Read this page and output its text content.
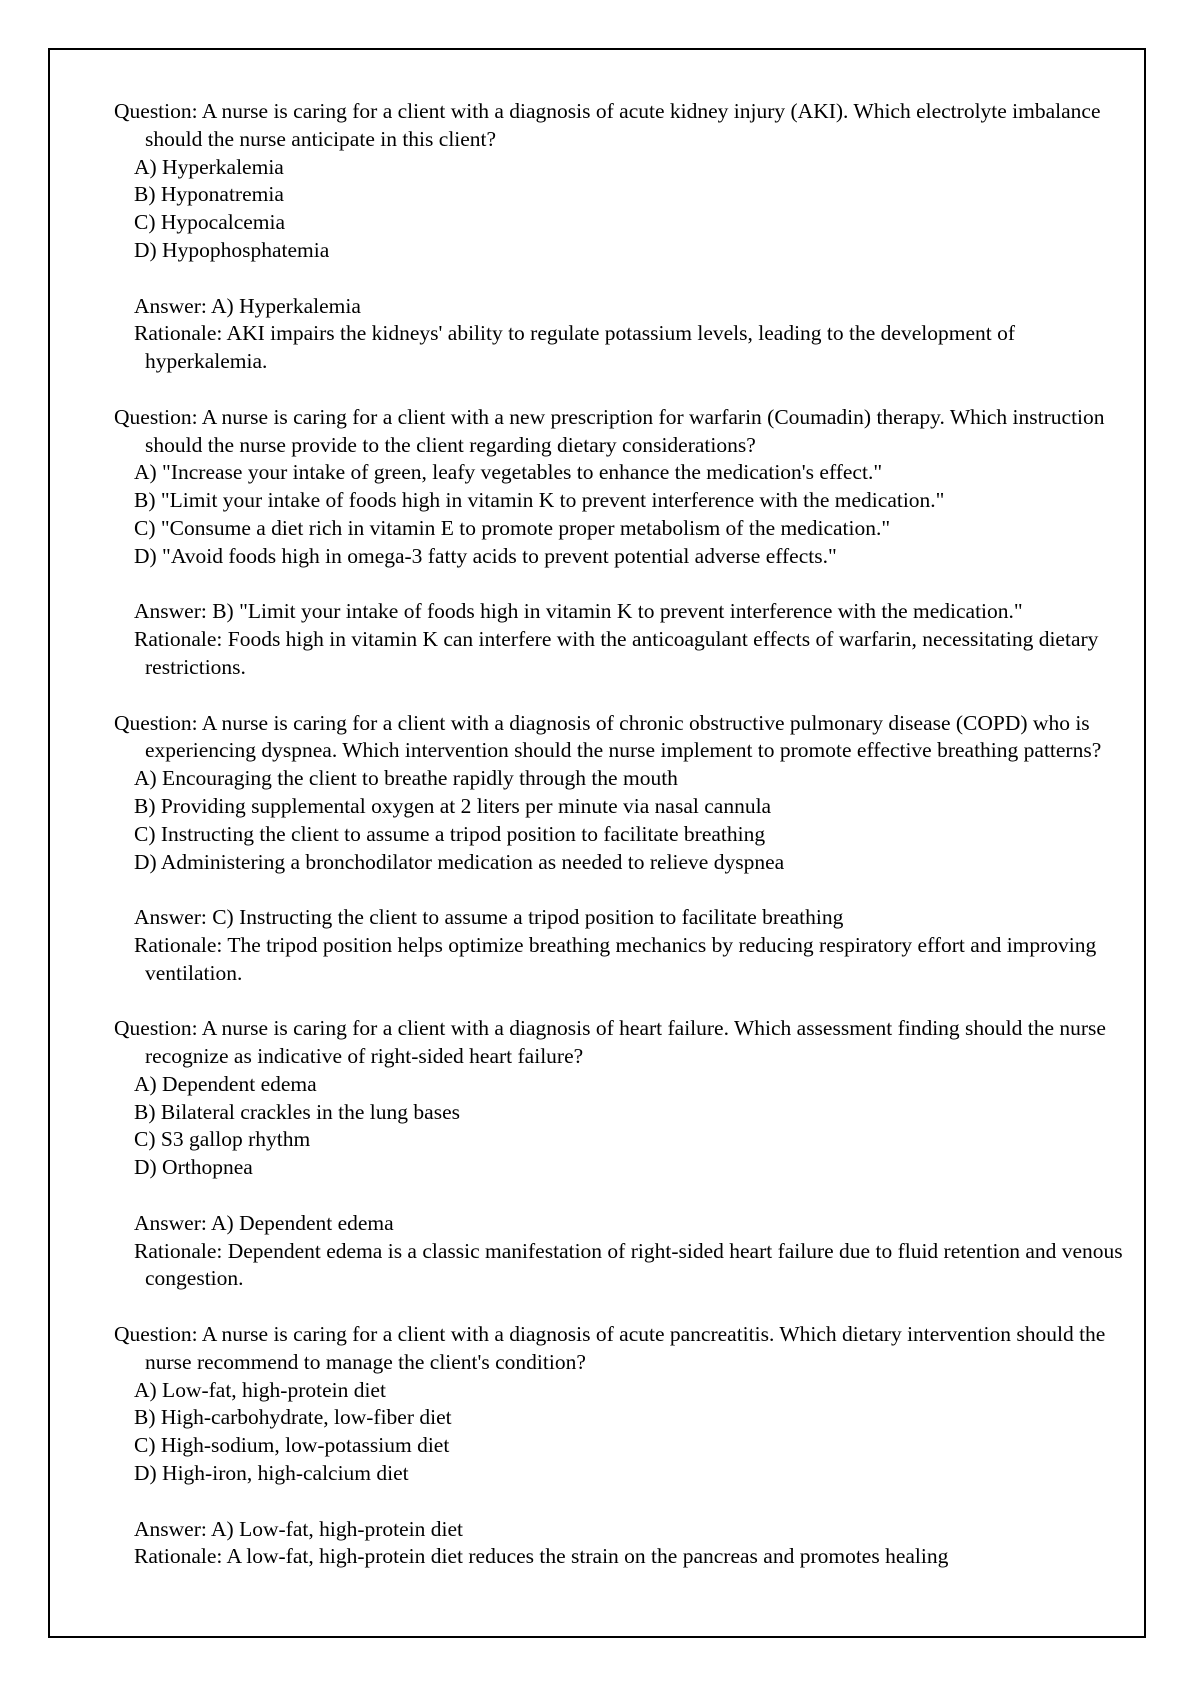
Question: A nurse is caring for a client with a diagnosis of acute kidney injury (AKI). Which electrolyte imbalance should the nurse anticipate in this client?
A) Hyperkalemia
B) Hyponatremia
C) Hypocalcemia
D) Hypophosphatemia
Answer: A) Hyperkalemia
Rationale: AKI impairs the kidneys' ability to regulate potassium levels, leading to the development of hyperkalemia.
Question: A nurse is caring for a client with a new prescription for warfarin (Coumadin) therapy. Which instruction should the nurse provide to the client regarding dietary considerations?
A) "Increase your intake of green, leafy vegetables to enhance the medication's effect."
B) "Limit your intake of foods high in vitamin K to prevent interference with the medication."
C) "Consume a diet rich in vitamin E to promote proper metabolism of the medication."
D) "Avoid foods high in omega-3 fatty acids to prevent potential adverse effects."
Answer: B) "Limit your intake of foods high in vitamin K to prevent interference with the medication."
Rationale: Foods high in vitamin K can interfere with the anticoagulant effects of warfarin, necessitating dietary restrictions.
Question: A nurse is caring for a client with a diagnosis of chronic obstructive pulmonary disease (COPD) who is experiencing dyspnea. Which intervention should the nurse implement to promote effective breathing patterns?
A) Encouraging the client to breathe rapidly through the mouth
B) Providing supplemental oxygen at 2 liters per minute via nasal cannula
C) Instructing the client to assume a tripod position to facilitate breathing
D) Administering a bronchodilator medication as needed to relieve dyspnea
Answer: C) Instructing the client to assume a tripod position to facilitate breathing
Rationale: The tripod position helps optimize breathing mechanics by reducing respiratory effort and improving ventilation.
Question: A nurse is caring for a client with a diagnosis of heart failure. Which assessment finding should the nurse recognize as indicative of right-sided heart failure?
A) Dependent edema
B) Bilateral crackles in the lung bases
C) S3 gallop rhythm
D) Orthopnea
Answer: A) Dependent edema
Rationale: Dependent edema is a classic manifestation of right-sided heart failure due to fluid retention and venous congestion.
Question: A nurse is caring for a client with a diagnosis of acute pancreatitis. Which dietary intervention should the nurse recommend to manage the client's condition?
A) Low-fat, high-protein diet
B) High-carbohydrate, low-fiber diet
C) High-sodium, low-potassium diet
D) High-iron, high-calcium diet
Answer: A) Low-fat, high-protein diet
Rationale: A low-fat, high-protein diet reduces the strain on the pancreas and promotes healing
